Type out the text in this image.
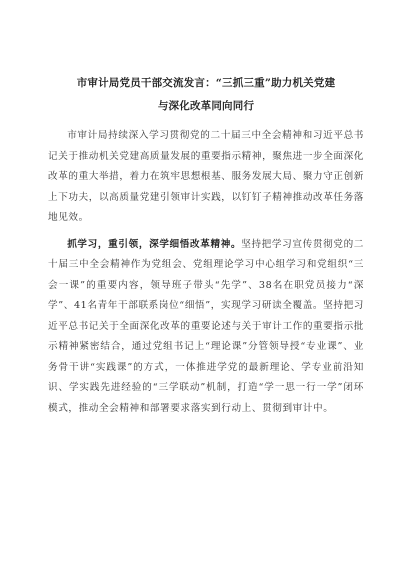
市审计局党员干部交流发言：“三抓三重”助力机关党建
与深化改革同向同行

市审计局持续深入学习贯彻党的二十届三中全会精神和习近平总书记关于推动机关党建高质量发展的重要指示精神，聚焦进一步全面深化改革的重大举措，着力在筑牢思想根基、服务发展大局、聚力守正创新上下功夫，以高质量党建引领审计实践，以钉钉子精神推动改革任务落地见效。

抓学习，重引领，深学细悟改革精神。坚持把学习宣传贯彻党的二十届三中全会精神作为党组会、党组理论学习中心组学习和党组织“三会一课”的重要内容，领导班子带头“先学”、38名在职党员接力“深学”、41名青年干部联系岗位“细悟”，实现学习研读全覆盖。坚持把习近平总书记关于全面深化改革的重要论述与关于审计工作的重要指示批示精神紧密结合，通过党组书记上“理论课”分管领导授“专业课”、业务骨干讲“实践课”的方式，一体推进学党的最新理论、学专业前沿知识、学实践先进经验的“三学联动”机制，打造“学一思一行一学”闭环模式，推动全会精神和部署要求落实到行动上、贯彻到审计中。
